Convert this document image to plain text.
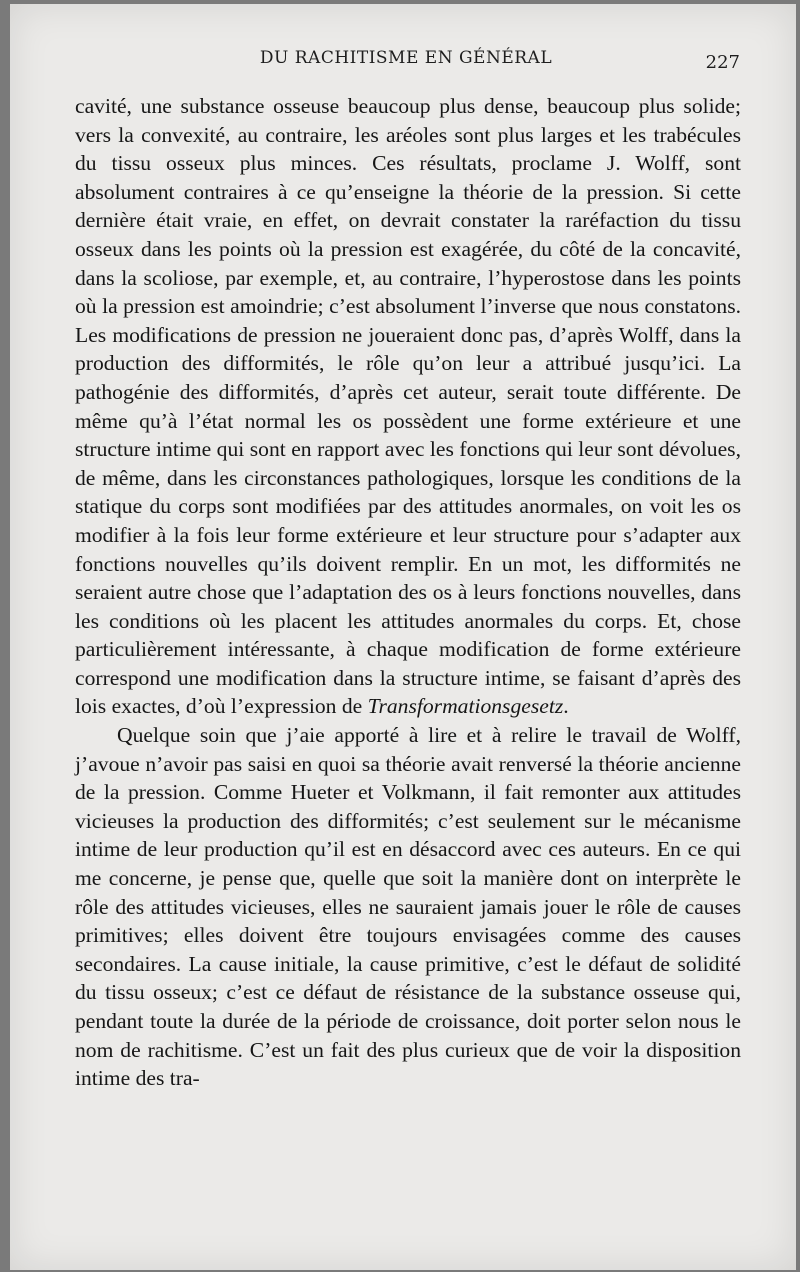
DU RACHITISME EN GÉNÉRAL	227

cavité, une substance osseuse beaucoup plus dense, beaucoup plus solide; vers la convexité, au contraire, les aréoles sont plus larges et les trabécules du tissu osseux plus minces. Ces résultats, proclame J. Wolff, sont absolument contraires à ce qu’enseigne la théorie de la pression. Si cette dernière était vraie, en effet, on devrait constater la raréfaction du tissu osseux dans les points où la pression est exagérée, du côté de la concavité, dans la scoliose, par exemple, et, au contraire, l’hyperostose dans les points où la pression est amoindrie; c’est absolument l’inverse que nous constatons. Les modifications de pression ne joueraient donc pas, d’après Wolff, dans la production des difformités, le rôle qu’on leur a attribué jusqu’ici. La pathogénie des difformités, d’après cet auteur, serait toute différente. De même qu’à l’état normal les os possèdent une forme extérieure et une structure intime qui sont en rapport avec les fonctions qui leur sont dévolues, de même, dans les circonstances pathologiques, lorsque les conditions de la statique du corps sont modifiées par des attitudes anormales, on voit les os modifier à la fois leur forme extérieure et leur structure pour s’adapter aux fonctions nouvelles qu’ils doivent remplir. En un mot, les difformités ne seraient autre chose que l’adaptation des os à leurs fonctions nouvelles, dans les conditions où les placent les attitudes anormales du corps. Et, chose particulièrement intéressante, à chaque modification de forme extérieure correspond une modification dans la structure intime, se faisant d’après des lois exactes, d’où l’expression de Transformationsgesetz.

Quelque soin que j’aie apporté à lire et à relire le travail de Wolff, j’avoue n’avoir pas saisi en quoi sa théorie avait renversé la théorie ancienne de la pression. Comme Hueter et Volkmann, il fait remonter aux attitudes vicieuses la production des difformités; c’est seulement sur le mécanisme intime de leur production qu’il est en désaccord avec ces auteurs. En ce qui me concerne, je pense que, quelle que soit la manière dont on interprète le rôle des attitudes vicieuses, elles ne sauraient jamais jouer le rôle de causes primitives; elles doivent être toujours envisagées comme des causes secondaires. La cause initiale, la cause primitive, c’est le défaut de solidité du tissu osseux; c’est ce défaut de résistance de la substance osseuse qui, pendant toute la durée de la période de croissance, doit porter selon nous le nom de rachitisme. C’est un fait des plus curieux que de voir la disposition intime des tra-
